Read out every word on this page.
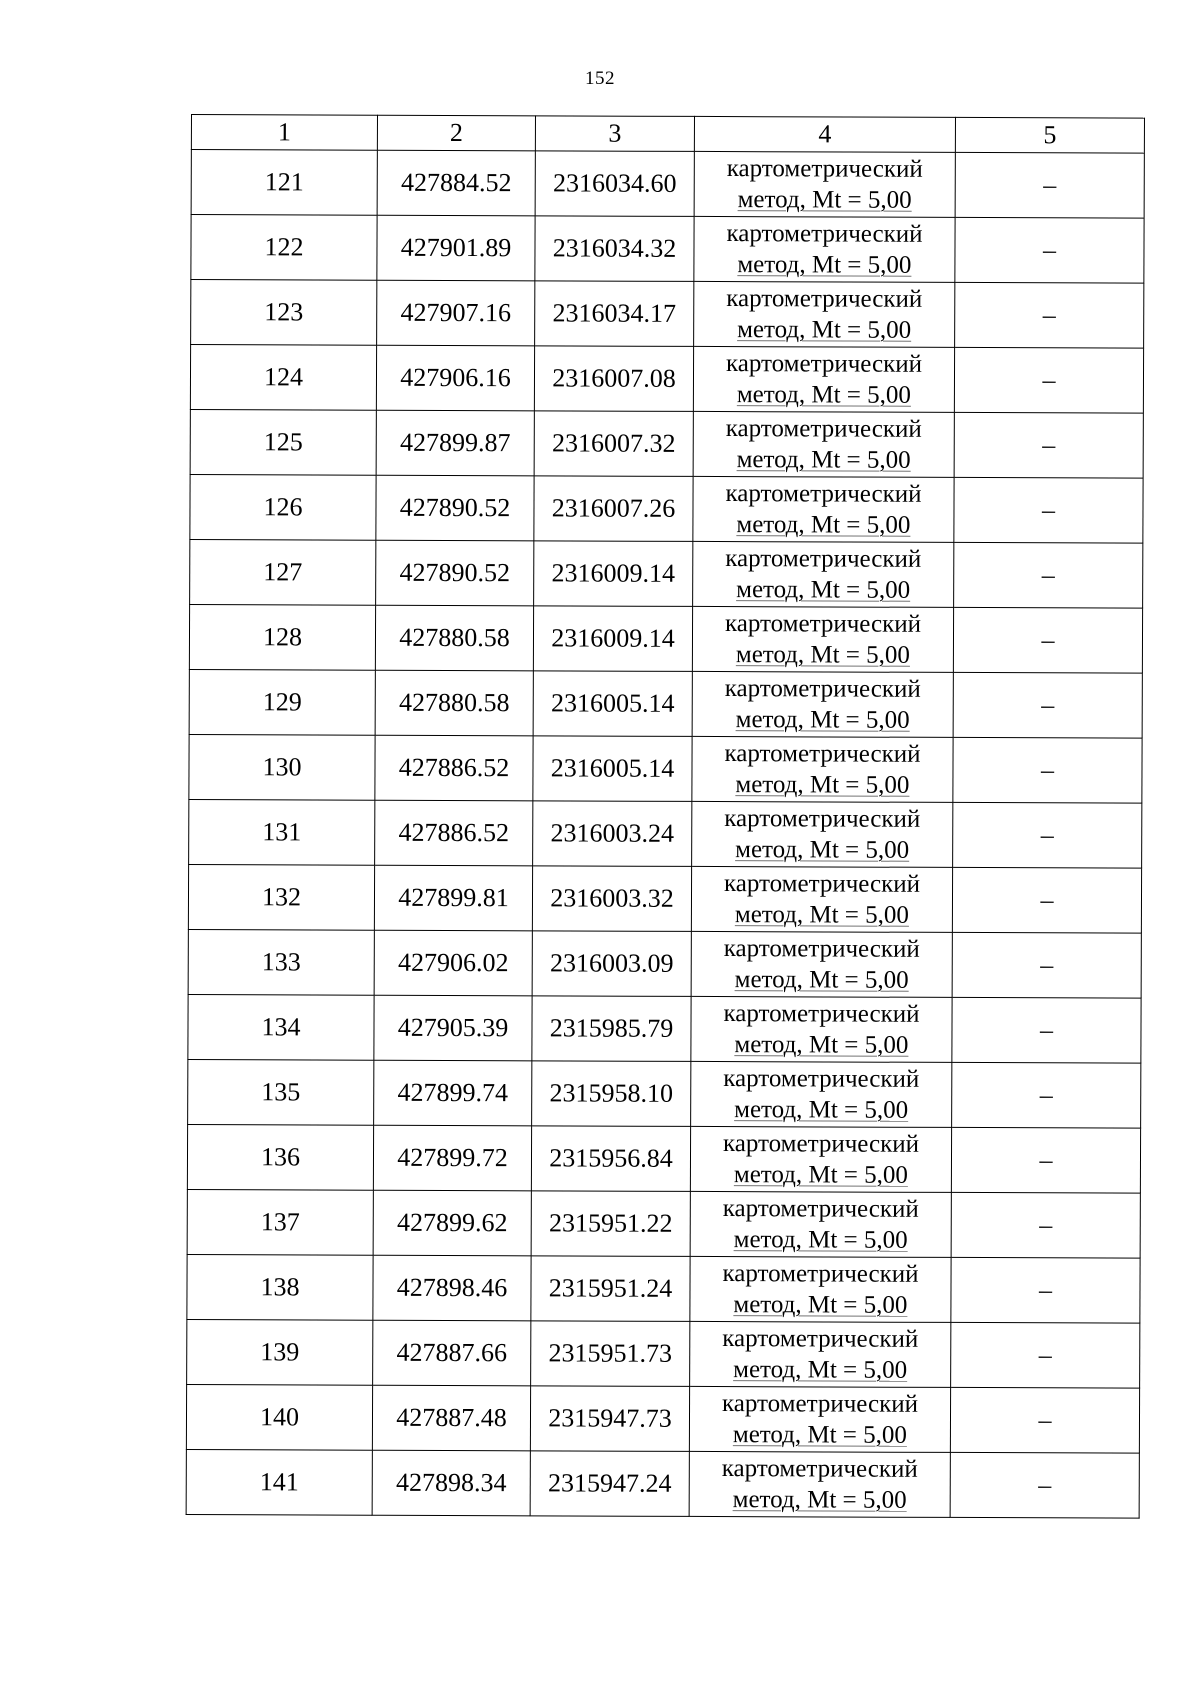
152
1	2	3	4	5
121	427884.52	2316034.60	картометрический
метод, Mt = 5,00	–
122	427901.89	2316034.32	картометрический
метод, Mt = 5,00	–
123	427907.16	2316034.17	картометрический
метод, Mt = 5,00	–
124	427906.16	2316007.08	картометрический
метод, Mt = 5,00	–
125	427899.87	2316007.32	картометрический
метод, Mt = 5,00	–
126	427890.52	2316007.26	картометрический
метод, Mt = 5,00	–
127	427890.52	2316009.14	картометрический
метод, Mt = 5,00	–
128	427880.58	2316009.14	картометрический
метод, Mt = 5,00	–
129	427880.58	2316005.14	картометрический
метод, Mt = 5,00	–
130	427886.52	2316005.14	картометрический
метод, Mt = 5,00	–
131	427886.52	2316003.24	картометрический
метод, Mt = 5,00	–
132	427899.81	2316003.32	картометрический
метод, Mt = 5,00	–
133	427906.02	2316003.09	картометрический
метод, Mt = 5,00	–
134	427905.39	2315985.79	картометрический
метод, Mt = 5,00	–
135	427899.74	2315958.10	картометрический
метод, Mt = 5,00	–
136	427899.72	2315956.84	картометрический
метод, Mt = 5,00	–
137	427899.62	2315951.22	картометрический
метод, Mt = 5,00	–
138	427898.46	2315951.24	картометрический
метод, Mt = 5,00	–
139	427887.66	2315951.73	картометрический
метод, Mt = 5,00	–
140	427887.48	2315947.73	картометрический
метод, Mt = 5,00	–
141	427898.34	2315947.24	картометрический
метод, Mt = 5,00	–
